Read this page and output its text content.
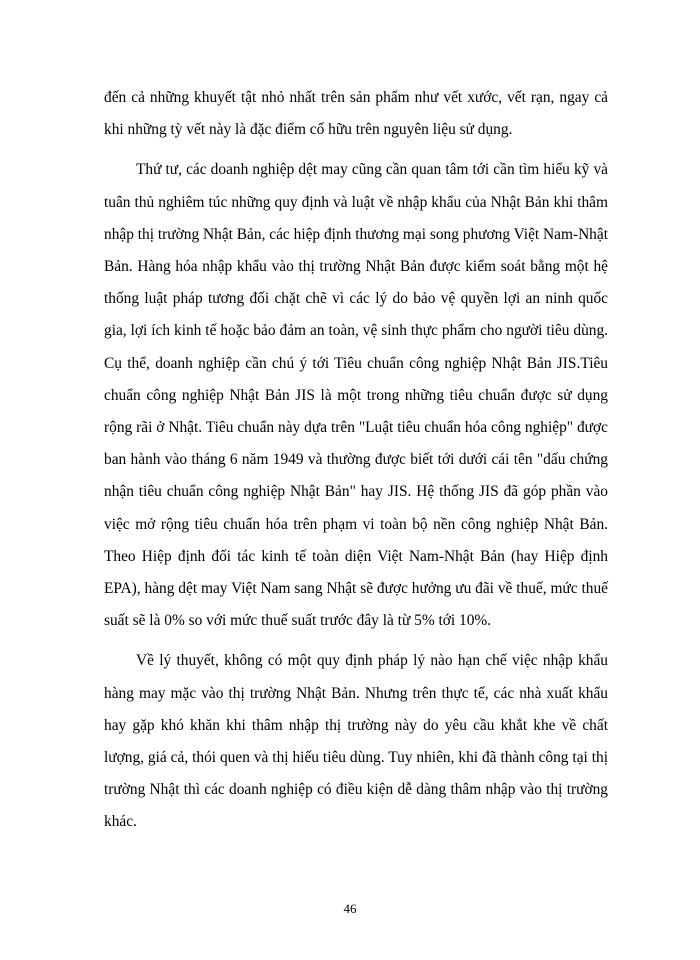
đến cả những khuyết tật nhỏ nhất trên sản phẩm như vết xước, vết rạn, ngay cả khi những tỳ vết này là đặc điểm cố hữu trên nguyên liệu sử dụng.

Thứ tư, các doanh nghiệp dệt may cũng cần quan tâm tới cần tìm hiểu kỹ và tuân thủ nghiêm túc những quy định và luật về nhập khẩu của Nhật Bản khi thâm nhập thị trường Nhật Bản, các hiệp định thương mại song phương Việt Nam-Nhật Bản. Hàng hóa nhập khẩu vào thị trường Nhật Bản được kiểm soát bằng một hệ thống luật pháp tương đối chặt chẽ vì các lý do bảo vệ quyền lợi an ninh quốc gia, lợi ích kinh tế hoặc bảo đảm an toàn, vệ sinh thực phẩm cho người tiêu dùng. Cụ thể, doanh nghiệp cần chú ý tới Tiêu chuẩn công nghiệp Nhật Bản JIS.Tiêu chuẩn công nghiệp Nhật Bản JIS là một trong những tiêu chuẩn được sử dụng rộng rãi ở Nhật. Tiêu chuẩn này dựa trên "Luật tiêu chuẩn hóa công nghiệp" được ban hành vào tháng 6 năm 1949 và thường được biết tới dưới cái tên "dấu chứng nhận tiêu chuẩn công nghiệp Nhật Bản" hay JIS. Hệ thống JIS đã góp phần vào việc mở rộng tiêu chuẩn hóa trên phạm vi toàn bộ nền công nghiệp Nhật Bản. Theo Hiệp định đối tác kinh tế toàn diện Việt Nam-Nhật Bản (hay Hiệp định EPA), hàng dệt may Việt Nam sang Nhật sẽ được hưởng ưu đãi về thuế, mức thuế suất sẽ là 0% so với mức thuế suất trước đây là từ 5% tới 10%.

Về lý thuyết, không có một quy định pháp lý nào hạn chế việc nhập khẩu hàng may mặc vào thị trường Nhật Bản. Nhưng trên thực tế, các nhà xuất khẩu hay gặp khó khăn khi thâm nhập thị trường này do yêu cầu khắt khe về chất lượng, giá cả, thói quen và thị hiếu tiêu dùng. Tuy nhiên, khi đã thành công tại thị trường Nhật thì các doanh nghiệp có điều kiện dễ dàng thâm nhập vào thị trường khác.

46
